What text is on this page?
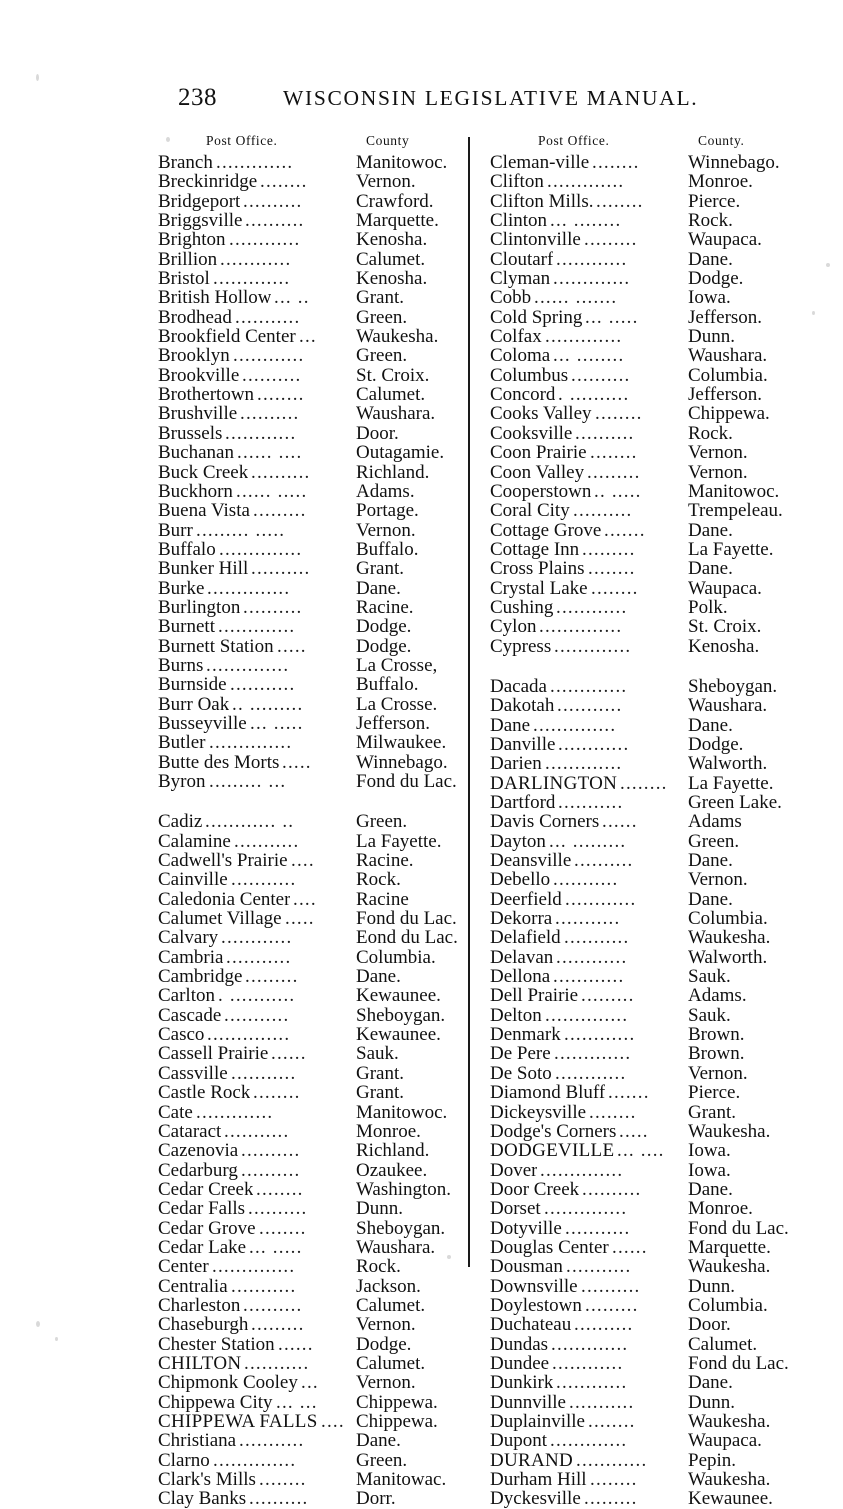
238	WISCONSIN LEGISLATIVE MANUAL.
Post Office.	County
Branch .............	Manitowoc.
Breckinridge ........	Vernon.
Bridgeport ..........	Crawford.
Briggsville ..........	Marquette.
Brighton ............	Kenosha.
Brillion ............	Calumet.
Bristol .............	Kenosha.
British Hollow ... .. Grant.
Brodhead ...........	Green.
Brookfield Center ... Waukesha.
Brooklyn ............	Green.
Brookville ..........	St. Croix.
Brothertown ........	Calumet.
Brushville ..........	Waushara.
Brussels ............	Door.
Buchanan ...... ....	Outagamie.
Buck Creek .......... Richland.
Buckhorn ...... .....	Adams.
Buena Vista .........	Portage.
Burr ......... .....	Vernon.
Buffalo ..............	Buffalo.
Bunker Hill .......... Grant.
Burke ..............	Dane.
Burlington ..........	Racine.
Burnett .............	Dodge.
Burnett Station .....	Dodge.
Burns ..............	La Crosse,
Burnside ...........	Buffalo.
Burr Oak .. .........	La Crosse.
Busseyville ... .....	Jefferson.
Butler ..............	Milwaukee.
Butte des Morts ..... Winnebago.
Byron ......... ...	Fond du Lac.
Cadiz ............ ..	Green.
Calamine ...........	La Fayette.
Cadwell's Prairie .... Racine.
Cainville ...........	Rock.
Caledonia Center .... Racine
Calumet Village ..... Fond du Lac.
Calvary ............	Eond du Lac.
Cambria ...........	Columbia.
Cambridge .........	Dane.
Carlton . ...........	Kewaunee.
Cascade ...........	Sheboygan.
Casco ..............	Kewaunee.
Cassell Prairie ......	Sauk.
Cassville ...........	Grant.
Castle Rock ........	Grant.
Cate .............	Manitowoc.
Cataract ...........	Monroe.
Cazenovia ..........	Richland.
Cedarburg ..........	Ozaukee.
Cedar Creek ........	Washington.
Cedar Falls ..........	Dunn.
Cedar Grove ........	Sheboygan.
Cedar Lake ... .....	Waushara.
Center ..............	Rock.
Centralia ...........	Jackson.
Charleston ..........	Calumet.
Chaseburgh .........	Vernon.
Chester Station ...... Dodge.
CHILTON ........... Calumet.
Chipmonk Cooley ... Vernon.
Chippewa City ... ... Chippewa.
CHIPPEWA FALLS .... Chippewa.
Christiana ...........	Dane.
Clarno ..............	Green.
Clark's Mills ........	Manitowac.
Clay Banks ..........	Dorr.
Post Office.	County.
Cleman-ville ........	Winnebago.
Clifton .............	Monroe.
Clifton Mills. ........ Pierce.
Clinton ... ........	Rock.
Clintonville .........	Waupaca.
Cloutarf ............	Dane.
Clyman .............	Dodge.
Cobb ...... .......	Iowa.
Cold Spring ... .....	Jefferson.
Colfax .............	Dunn.
Coloma ... ........	Waushara.
Columbus ..........	Columbia.
Concord . ..........	Jefferson.
Cooks Valley ........ Chippewa.
Cooksville ..........	Rock.
Coon Prairie ........	Vernon.
Coon Valley ......... Vernon.
Cooperstown .. ..... Manitowoc.
Coral City ..........	Trempeleau.
Cottage Grove ....... Dane.
Cottage Inn .........	La Fayette.
Cross Plains ........	Dane.
Crystal Lake ........	Waupaca.
Cushing ............	Polk.
Cylon ..............	St. Croix.
Cypress .............	Kenosha.
Dacada .............	Sheboygan.
Dakotah ...........	Waushara.
Dane ..............	Dane.
Danville ............	Dodge.
Darien .............	Walworth.
DARLINGTON ........ La Fayette.
Dartford ...........	Green Lake.
Davis Corners ......	Adams
Dayton ... .........	Green.
Deansville ..........	Dane.
Debello ...........	Vernon.
Deerfield ............	Dane.
Dekorra ...........	Columbia.
Delafield ...........	Waukesha.
Delavan ............	Walworth.
Dellona ............	Sauk.
Dell Prairie .........	Adams.
Delton ..............	Sauk.
Denmark ............	Brown.
De Pere .............	Brown.
De Soto ............	Vernon.
Diamond Bluff ....... Pierce.
Dickeysville ........	Grant.
Dodge's Corners ..... Waukesha.
DODGEVILLE ... .... Iowa.
Dover ..............	Iowa.
Door Creek .......... Dane.
Dorset ..............	Monroe.
Dotyville ...........	Fond du Lac.
Douglas Center ...... Marquette.
Dousman ...........	Waukesha.
Downsville ..........	Dunn.
Doylestown .........	Columbia.
Duchateau ..........	Door.
Dundas .............	Calumet.
Dundee ............	Fond du Lac.
Dunkirk ............	Dane.
Dunnville ...........	Dunn.
Duplainville ........	Waukesha.
Dupont .............	Waupaca.
DURAND ............ Pepin.
Durham Hill ........	Waukesha.
Dyckesville .........	Kewaunee.
